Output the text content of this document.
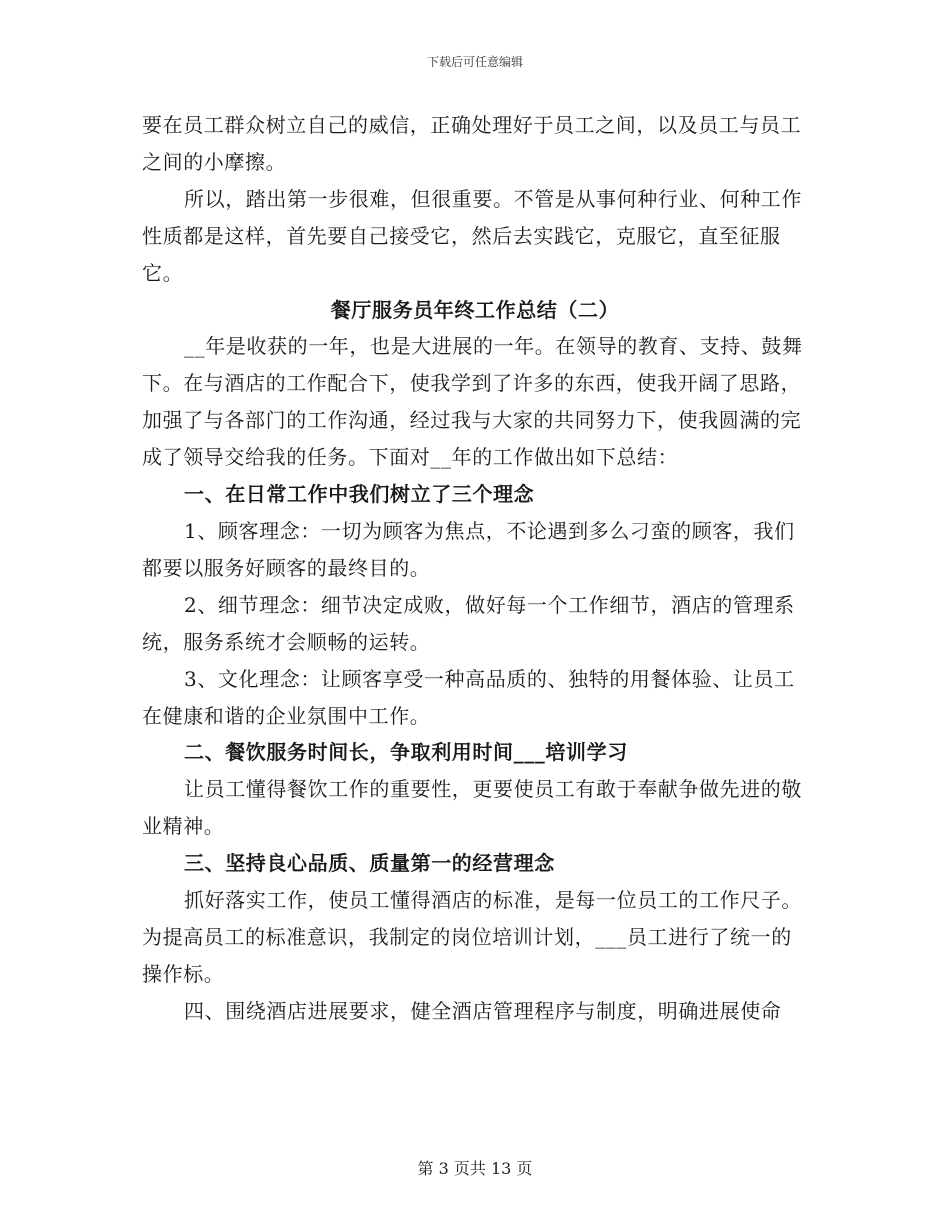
下载后可任意编辑

要在员工群众树立自己的威信，正确处理好于员工之间，以及员工与员工之间的小摩擦。

所以，踏出第一步很难，但很重要。不管是从事何种行业、何种工作性质都是这样，首先要自己接受它，然后去实践它，克服它，直至征服它。

餐厅服务员年终工作总结（二）

__年是收获的一年，也是大进展的一年。在领导的教育、支持、鼓舞下。在与酒店的工作配合下，使我学到了许多的东西，使我开阔了思路，加强了与各部门的工作沟通，经过我与大家的共同努力下，使我圆满的完成了领导交给我的任务。下面对__年的工作做出如下总结：

一、在日常工作中我们树立了三个理念

1、顾客理念：一切为顾客为焦点，不论遇到多么刁蛮的顾客，我们都要以服务好顾客的最终目的。

2、细节理念：细节决定成败，做好每一个工作细节，酒店的管理系统，服务系统才会顺畅的运转。

3、文化理念：让顾客享受一种高品质的、独特的用餐体验、让员工在健康和谐的企业氛围中工作。

二、餐饮服务时间长，争取利用时间___培训学习

让员工懂得餐饮工作的重要性，更要使员工有敢于奉献争做先进的敬业精神。

三、坚持良心品质、质量第一的经营理念

抓好落实工作，使员工懂得酒店的标准，是每一位员工的工作尺子。为提高员工的标准意识，我制定的岗位培训计划，___员工进行了统一的操作标。

四、围绕酒店进展要求，健全酒店管理程序与制度，明确进展使命

第 3 页共 13 页
